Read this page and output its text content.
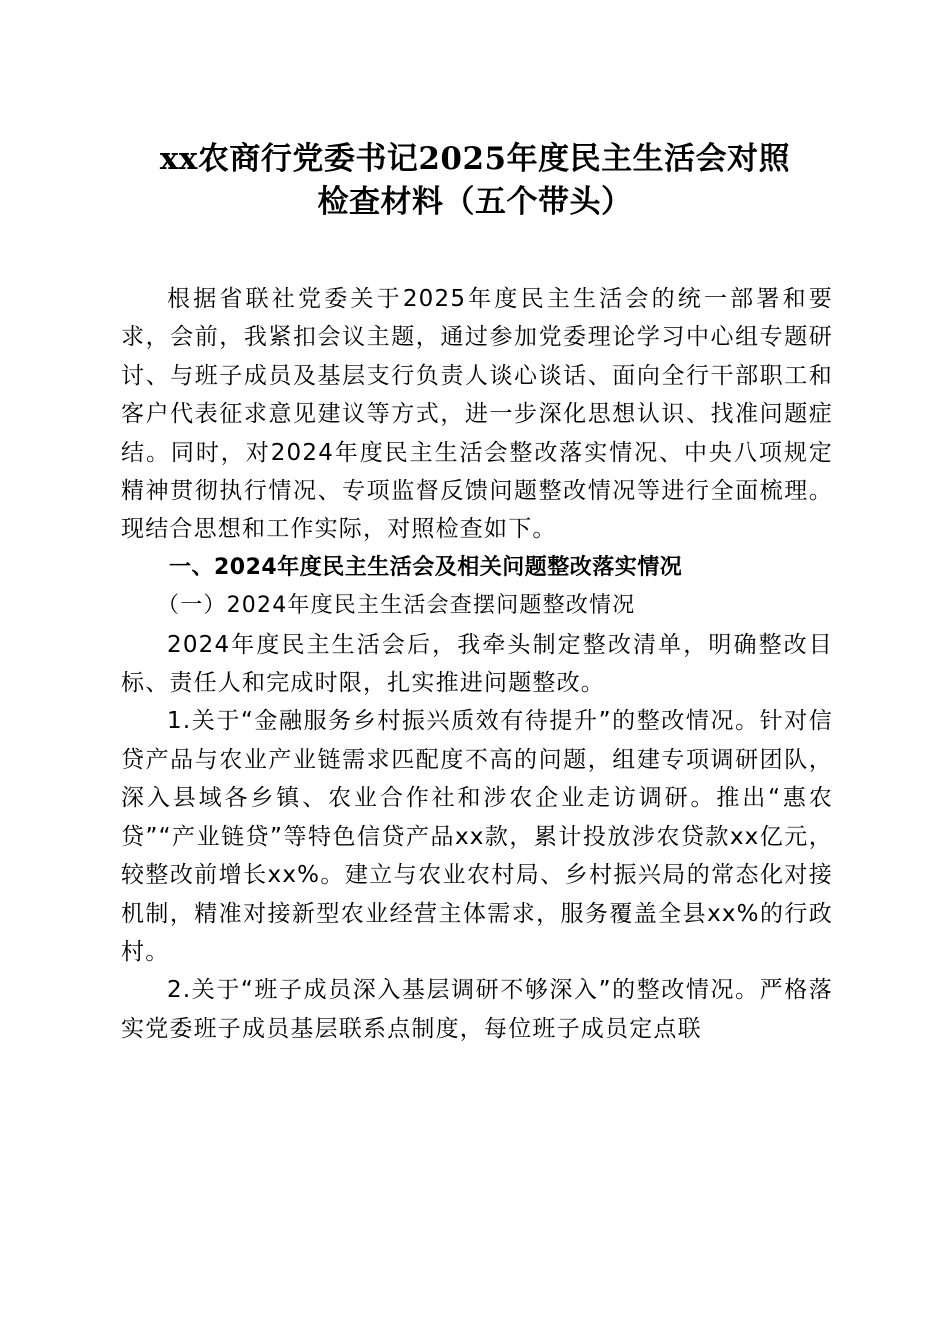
xx农商行党委书记2025年度民主生活会对照
检查材料（五个带头）

根据省联社党委关于2025年度民主生活会的统一部署和要求，会前，我紧扣会议主题，通过参加党委理论学习中心组专题研讨、与班子成员及基层支行负责人谈心谈话、面向全行干部职工和客户代表征求意见建议等方式，进一步深化思想认识、找准问题症结。同时，对2024年度民主生活会整改落实情况、中央八项规定精神贯彻执行情况、专项监督反馈问题整改情况等进行全面梳理。现结合思想和工作实际，对照检查如下。

一、2024年度民主生活会及相关问题整改落实情况

（一）2024年度民主生活会查摆问题整改情况

2024年度民主生活会后，我牵头制定整改清单，明确整改目标、责任人和完成时限，扎实推进问题整改。

1.关于“金融服务乡村振兴质效有待提升”的整改情况。针对信贷产品与农业产业链需求匹配度不高的问题，组建专项调研团队，深入县域各乡镇、农业合作社和涉农企业走访调研。推出“惠农贷”“产业链贷”等特色信贷产品xx款，累计投放涉农贷款xx亿元，较整改前增长xx%。建立与农业农村局、乡村振兴局的常态化对接机制，精准对接新型农业经营主体需求，服务覆盖全县xx%的行政村。

2.关于“班子成员深入基层调研不够深入”的整改情况。严格落实党委班子成员基层联系点制度，每位班子成员定点联
